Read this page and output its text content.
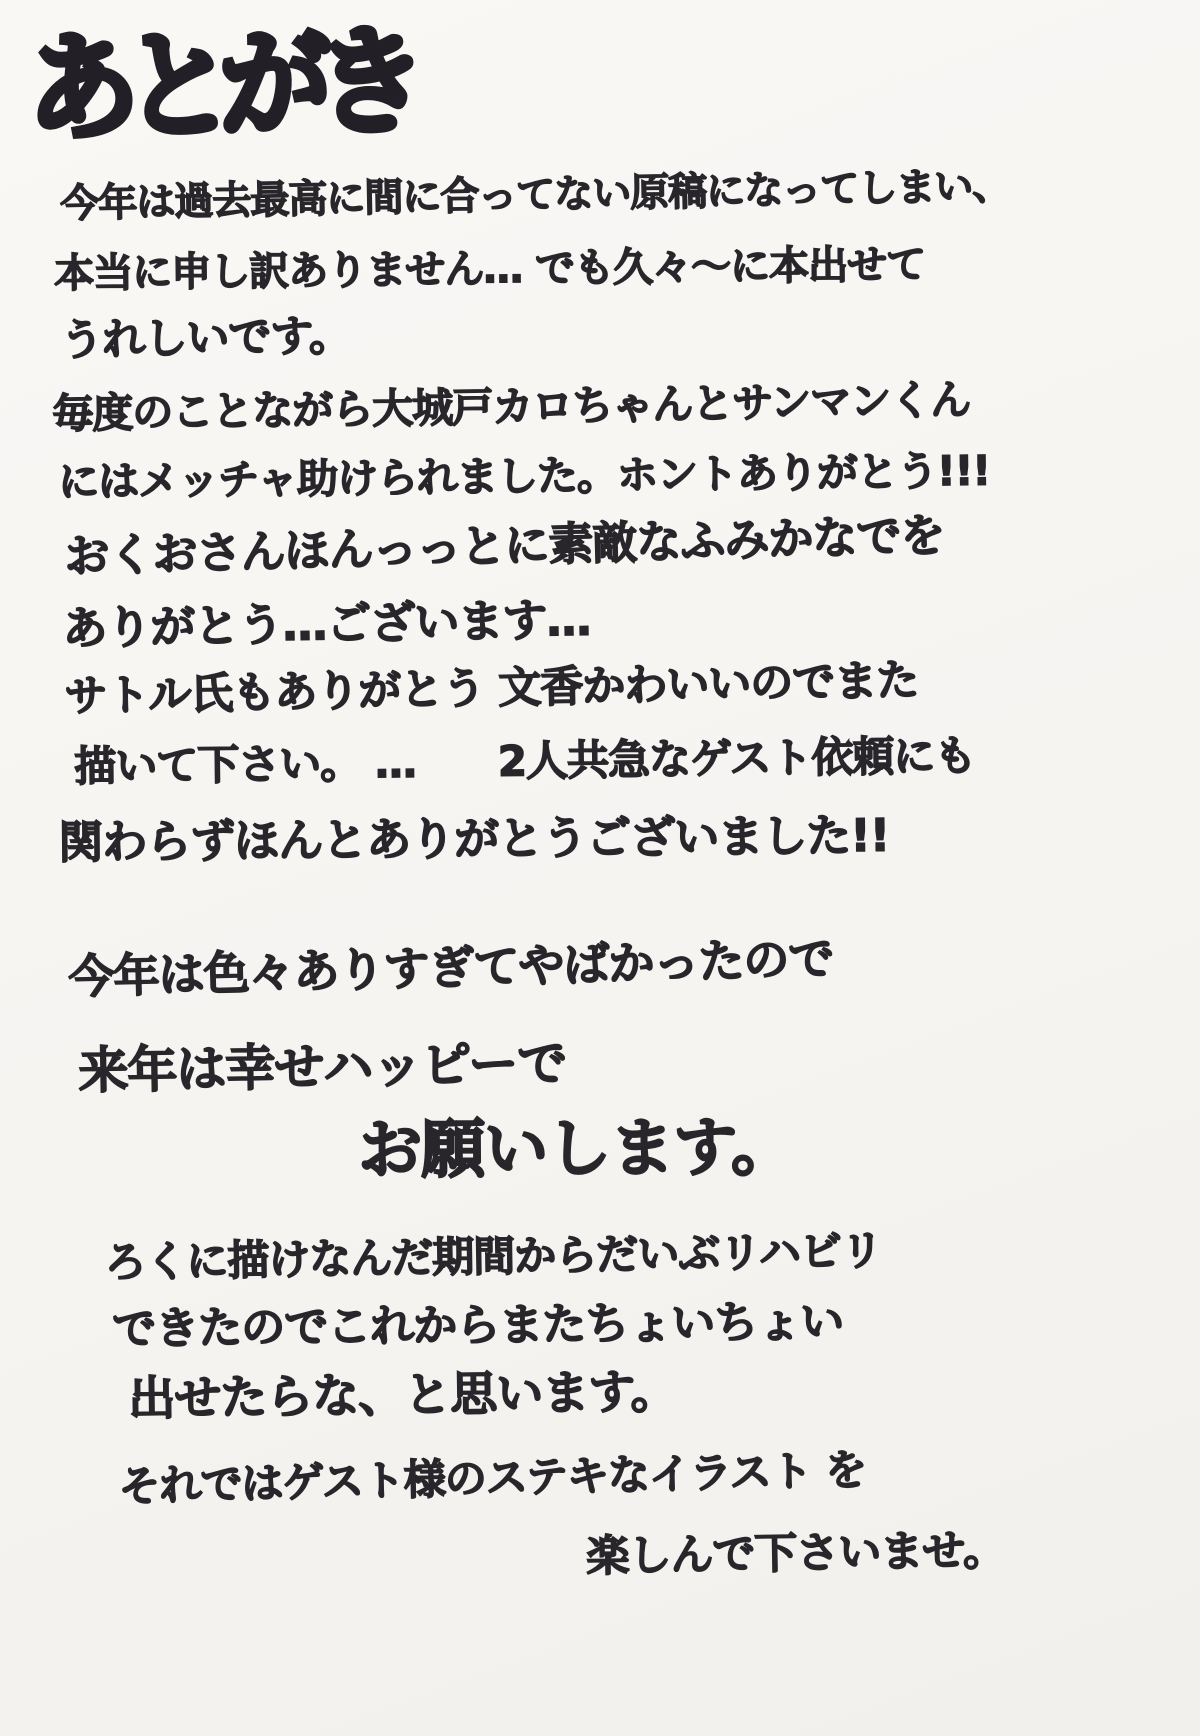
あとがき
今年は過去最高に間に合ってない原稿になってしまい、
本当に申し訳ありません… でも久々〜に本出せて
うれしいです。
毎度のことながら大城戸カロちゃんとサンマンくん
にはメッチャ助けられました。ホントありがとう!!!
おくおさんほんっっとに素敵なふみかなでを
ありがとう…ございます…
サトル氏もありがとう 文香かわいいのでまた
描いて下さい。 …　　2人共急なゲスト依頼にも
関わらずほんとありがとうございました!!
今年は色々ありすぎてやばかったので
来年は幸せハッピーで
お願いします。
ろくに描けなんだ期間からだいぶリハビリ
できたのでこれからまたちょいちょい
出せたらな、と思います。
それではゲスト様のステキなイラスト を
楽しんで下さいませ。
